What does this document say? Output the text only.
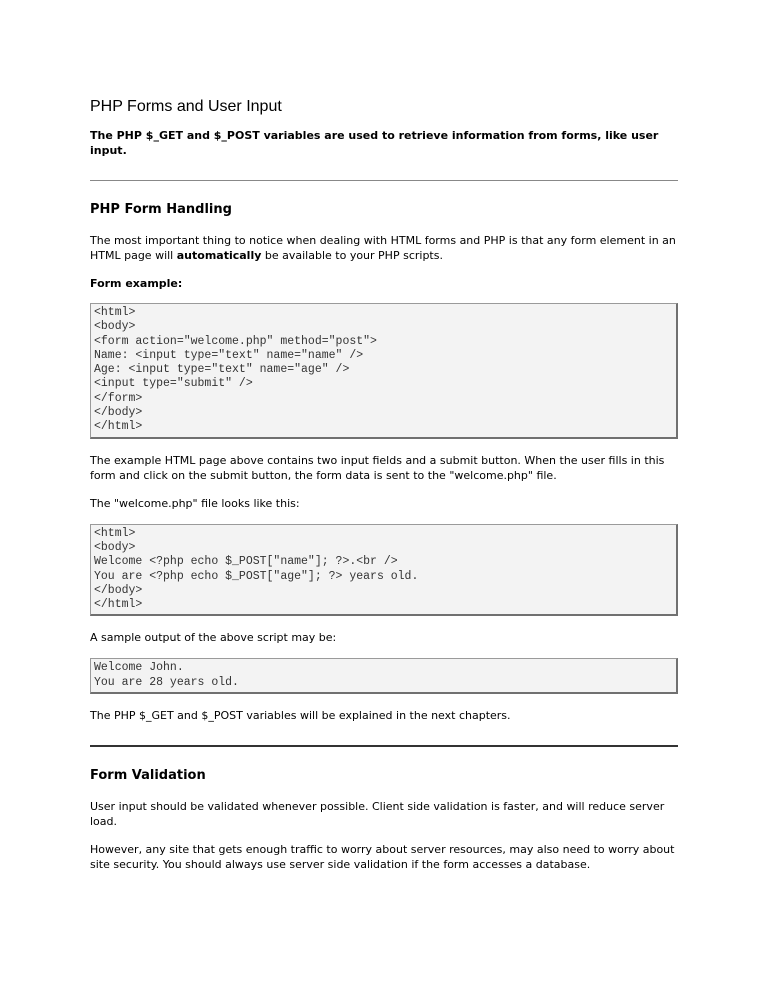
PHP Forms and User Input

The PHP $_GET and $_POST variables are used to retrieve information from forms, like user input.

PHP Form Handling

The most important thing to notice when dealing with HTML forms and PHP is that any form element in an HTML page will automatically be available to your PHP scripts.

Form example:

<html>
<body>
<form action="welcome.php" method="post">
Name: <input type="text" name="name" />
Age: <input type="text" name="age" />
<input type="submit" />
</form>
</body>
</html>

The example HTML page above contains two input fields and a submit button. When the user fills in this form and click on the submit button, the form data is sent to the "welcome.php" file.

The "welcome.php" file looks like this:

<html>
<body>
Welcome <?php echo $_POST["name"]; ?>.<br />
You are <?php echo $_POST["age"]; ?> years old.
</body>
</html>

A sample output of the above script may be:

Welcome John.
You are 28 years old.

The PHP $_GET and $_POST variables will be explained in the next chapters.

Form Validation

User input should be validated whenever possible. Client side validation is faster, and will reduce server load.

However, any site that gets enough traffic to worry about server resources, may also need to worry about site security. You should always use server side validation if the form accesses a database.
